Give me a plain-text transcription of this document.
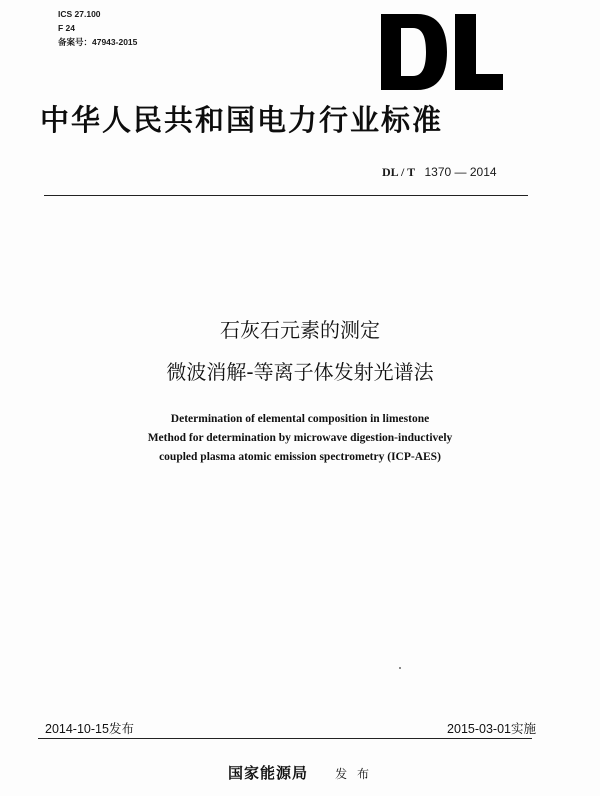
ICS 27.100
F 24
备案号：47943-2015
中华人民共和国电力行业标准
DL / T 1370 — 2014
石灰石元素的测定
微波消解-等离子体发射光谱法
Determination of elemental composition in limestone
Method for determination by microwave digestion-inductively
coupled plasma atomic emission spectrometry (ICP-AES)
2014-10-15发布	2015-03-01实施
国家能源局 发 布
